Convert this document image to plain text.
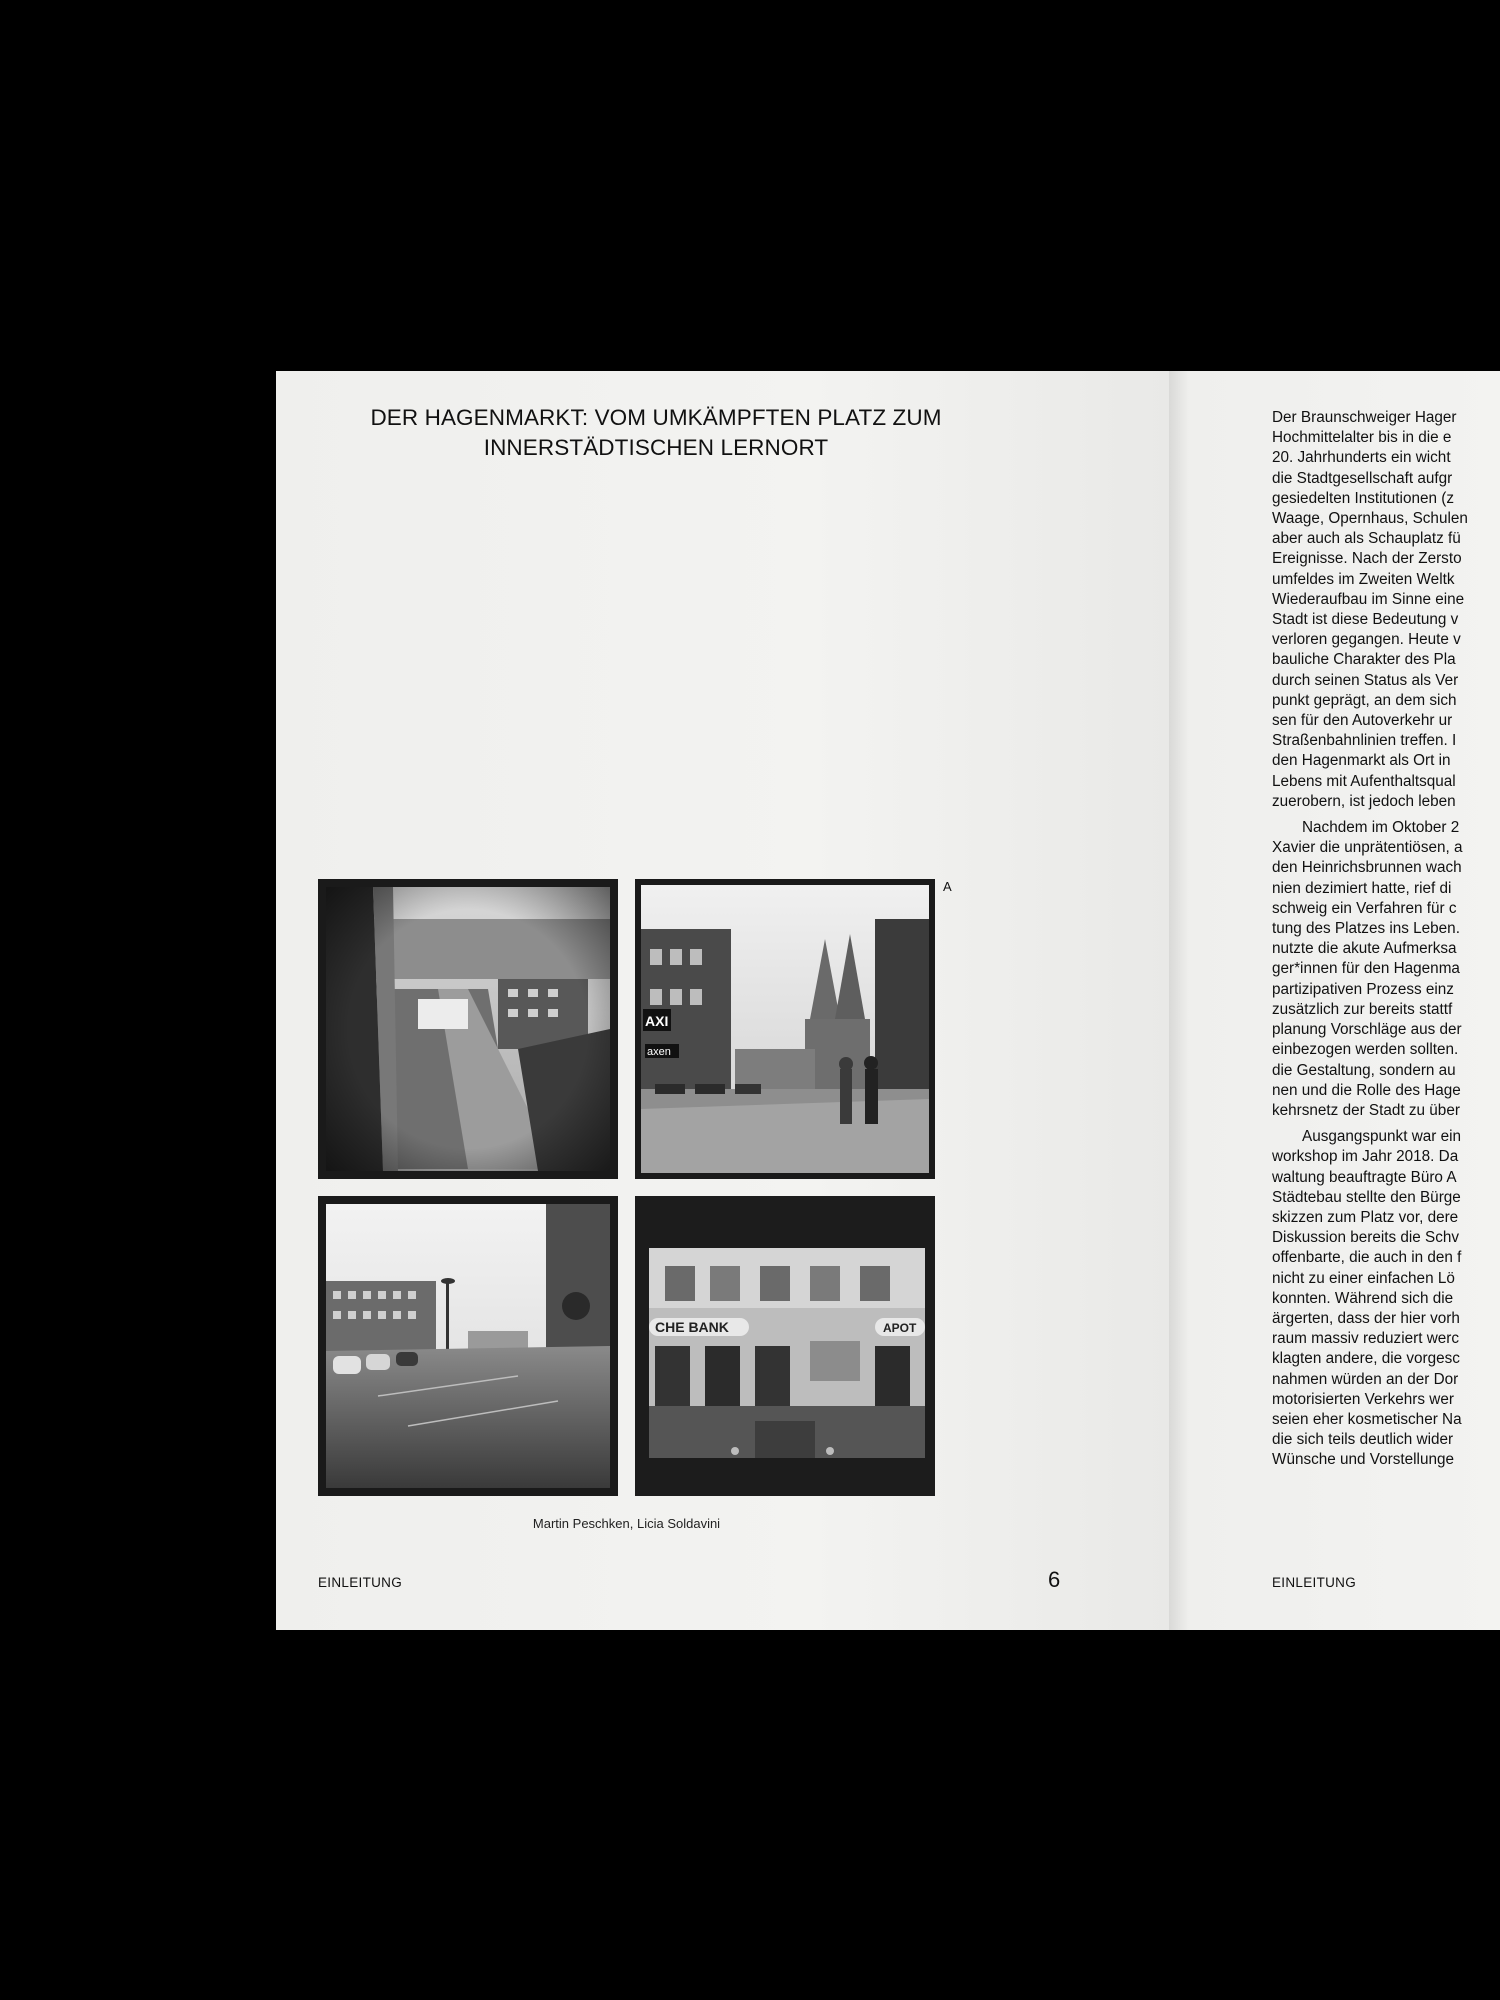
DER HAGENMARKT: VOM UMKÄMPFTEN PLATZ ZUM
INNERSTÄDTISCHEN LERNORT
AXI
axen
CHE BANK	APOT
A
Martin Peschken, Licia Soldavini
EINLEITUNG	6
Der Braunschweiger Hager
Hochmittelalter bis in die e
20. Jahrhunderts ein wicht
die Stadtgesellschaft aufgr
gesiedelten Institutionen (z
Waage, Opernhaus, Schulen
aber auch als Schauplatz fü
Ereignisse. Nach der Zersto
umfeldes im Zweiten Weltk
Wiederaufbau im Sinne eine
Stadt ist diese Bedeutung v
verloren gegangen. Heute v
bauliche Charakter des Pla
durch seinen Status als Ver
punkt geprägt, an dem sich
sen für den Autoverkehr ur
Straßenbahnlinien treffen. I
den Hagenmarkt als Ort in
Lebens mit Aufenthaltsqual
zuerobern, ist jedoch leben
Nachdem im Oktober 2
Xavier die unprätentiösen, a
den Heinrichsbrunnen wach
nien dezimiert hatte, rief di
schweig ein Verfahren für c
tung des Platzes ins Leben.
nutzte die akute Aufmerksa
ger*innen für den Hagenma
partizipativen Prozess einz
zusätzlich zur bereits stattf
planung Vorschläge aus der
einbezogen werden sollten.
die Gestaltung, sondern au
nen und die Rolle des Hage
kehrsnetz der Stadt zu über
Ausgangspunkt war ein
workshop im Jahr 2018. Da
waltung beauftragte Büro A
Städtebau stellte den Bürge
skizzen zum Platz vor, dere
Diskussion bereits die Schv
offenbarte, die auch in den f
nicht zu einer einfachen Lö
konnten. Während sich die
ärgerten, dass der hier vorh
raum massiv reduziert werc
klagten andere, die vorgesc
nahmen würden an der Dor
motorisierten Verkehrs wer
seien eher kosmetischer Na
die sich teils deutlich wider
Wünsche und Vorstellunge
EINLEITUNG
